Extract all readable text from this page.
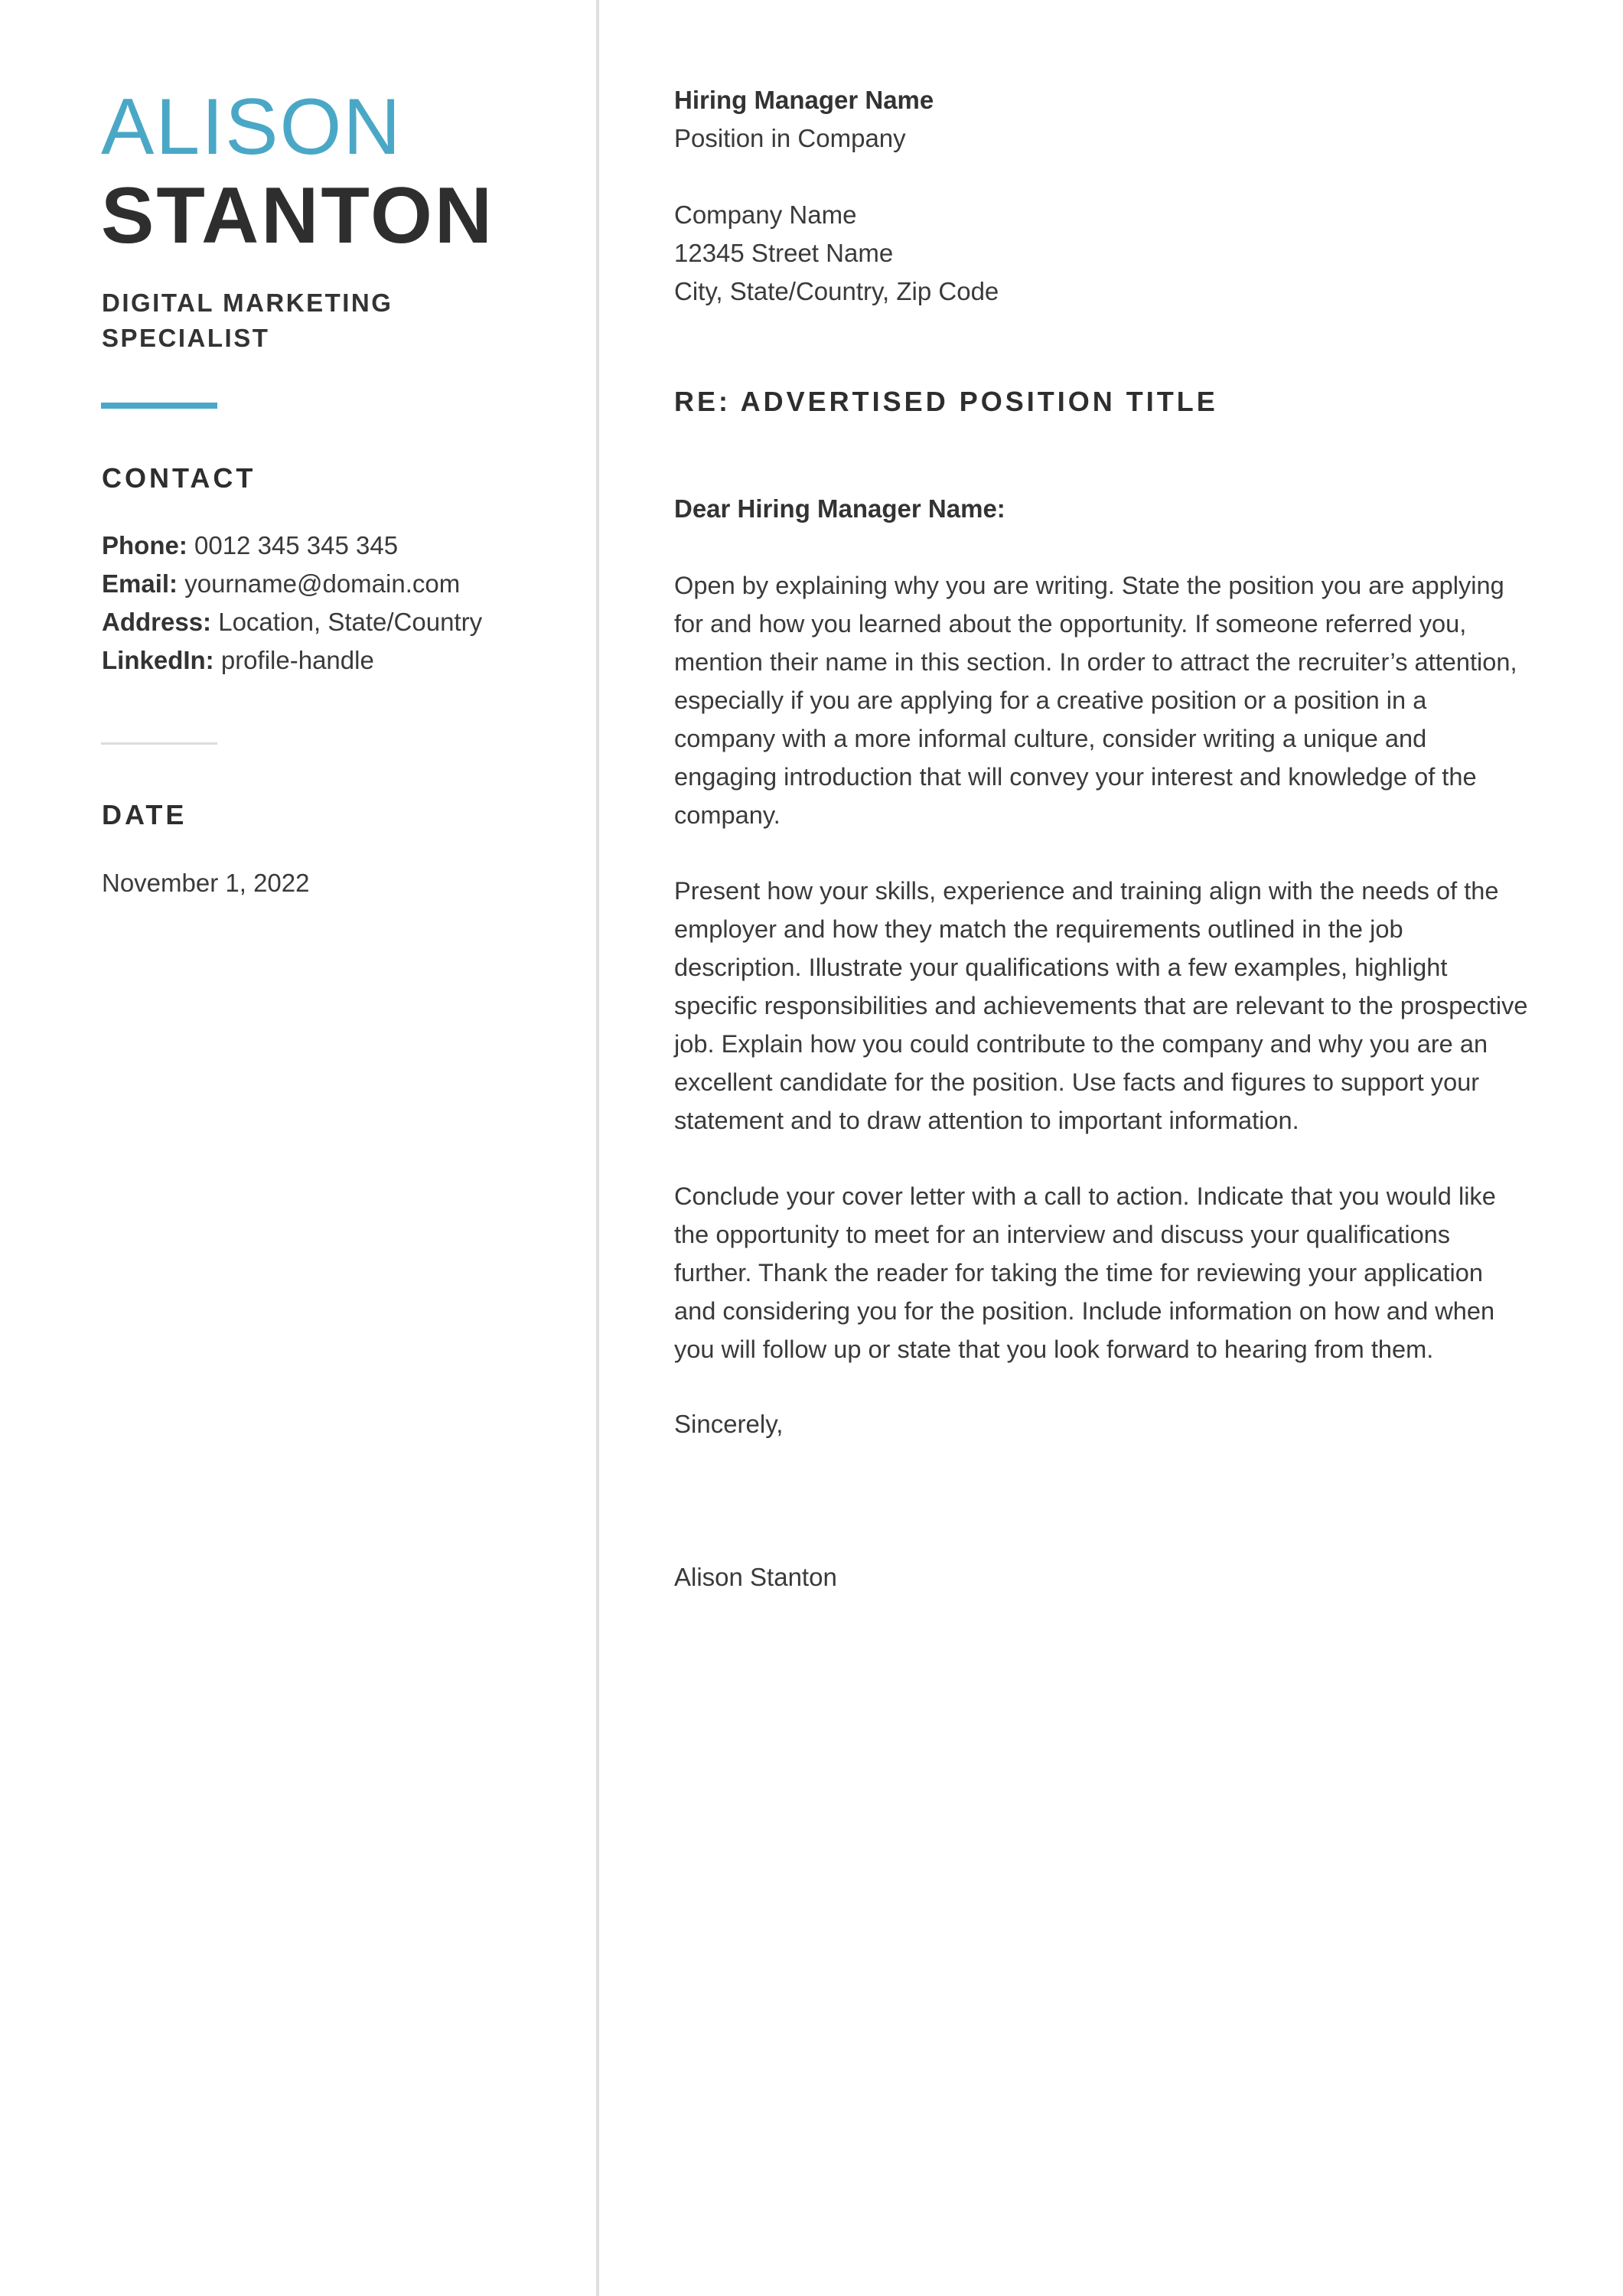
ALISON
STANTON
DIGITAL MARKETING SPECIALIST
CONTACT
Phone: 0012 345 345 345
Email: yourname@domain.com
Address: Location, State/Country
LinkedIn: profile-handle
DATE
November 1, 2022
Hiring Manager Name
Position in Company
Company Name
12345 Street Name
City, State/Country, Zip Code
RE: ADVERTISED POSITION TITLE
Dear Hiring Manager Name:
Open by explaining why you are writing. State the position you are applying for and how you learned about the opportunity. If someone referred you, mention their name in this section. In order to attract the recruiter’s attention, especially if you are applying for a creative position or a position in a company with a more informal culture, consider writing a unique and engaging introduction that will convey your interest and knowledge of the company.
Present how your skills, experience and training align with the needs of the employer and how they match the requirements outlined in the job description. Illustrate your qualifications with a few examples, highlight specific responsibilities and achievements that are relevant to the prospective job. Explain how you could contribute to the company and why you are an excellent candidate for the position. Use facts and figures to support your statement and to draw attention to important information.
Conclude your cover letter with a call to action. Indicate that you would like the opportunity to meet for an interview and discuss your qualifications further. Thank the reader for taking the time for reviewing your application and considering you for the position. Include information on how and when you will follow up or state that you look forward to hearing from them.
Sincerely,
Alison Stanton
